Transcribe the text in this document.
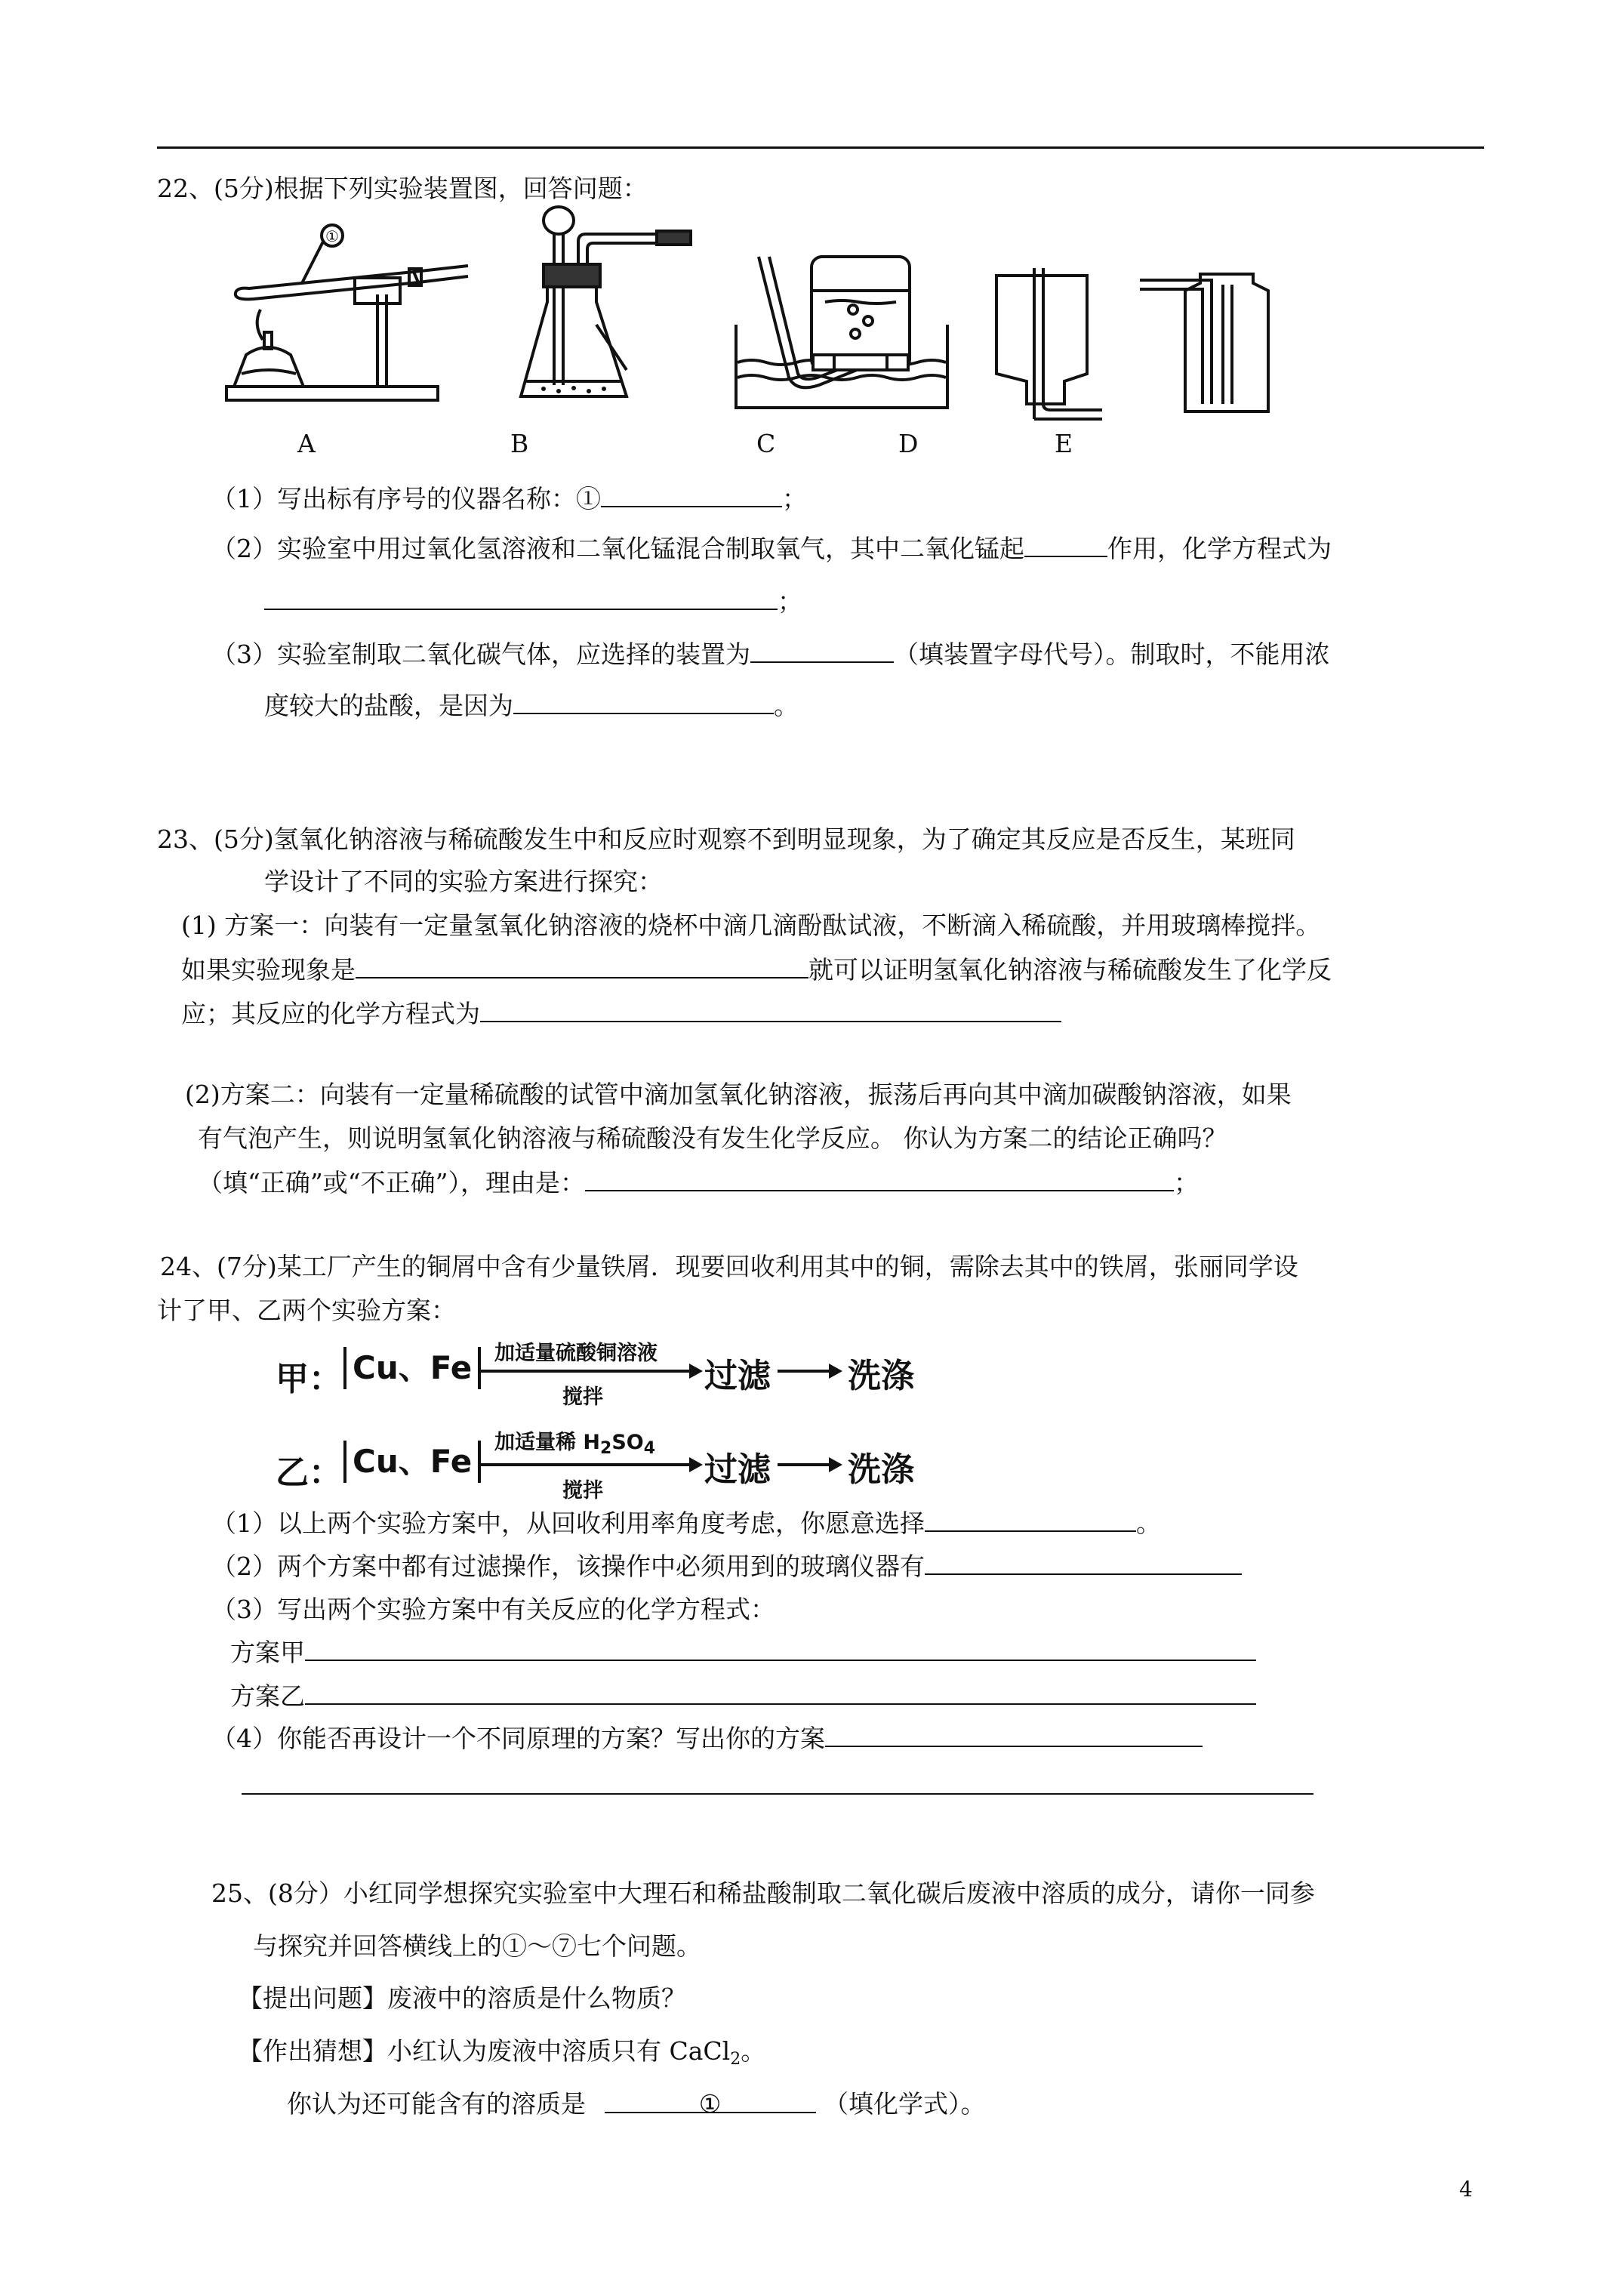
22、(5分)根据下列实验装置图，回答问题：
①
A	B	C	D	E
（1）写出标有序号的仪器名称：①	；
（2）实验室中用过氧化氢溶液和二氧化锰混合制取氧气，其中二氧化锰起	作用，化学方程式为
；
（3）实验室制取二氧化碳气体，应选择的装置为	（填装置字母代号）。制取时，不能用浓
度较大的盐酸，是因为	。
23、(5分)氢氧化钠溶液与稀硫酸发生中和反应时观察不到明显现象，为了确定其反应是否反生，某班同
学设计了不同的实验方案进行探究：
(1) 方案一：向装有一定量氢氧化钠溶液的烧杯中滴几滴酚酞试液，不断滴入稀硫酸，并用玻璃棒搅拌。
如果实验现象是	就可以证明氢氧化钠溶液与稀硫酸发生了化学反
应；其反应的化学方程式为
(2)方案二：向装有一定量稀硫酸的试管中滴加氢氧化钠溶液，振荡后再向其中滴加碳酸钠溶液，如果
有气泡产生，则说明氢氧化钠溶液与稀硫酸没有发生化学反应。 你认为方案二的结论正确吗？
（填“正确”或“不正确”），理由是：	；
24、(7分)某工厂产生的铜屑中含有少量铁屑．现要回收利用其中的铜，需除去其中的铁屑，张丽同学设
计了甲、乙两个实验方案：
甲： Cu、Fe	加适量硫酸铜溶液
搅拌
过滤 洗涤
乙： Cu、Fe
加适量稀 $H_2SO_4$
搅拌
过滤 洗涤
（1）以上两个实验方案中，从回收利用率角度考虑，你愿意选择	。
（2）两个方案中都有过滤操作，该操作中必须用到的玻璃仪器有
（3）写出两个实验方案中有关反应的化学方程式：
方案甲
方案乙
（4）你能否再设计一个不同原理的方案？写出你的方案
25、(8分）小红同学想探究实验室中大理石和稀盐酸制取二氧化碳后废液中溶质的成分，请你一同参
与探究并回答横线上的①～⑦七个问题。
【提出问题】废液中的溶质是什么物质？
【作出猜想】小红认为废液中溶质只有 CaCl$_2$。
你认为还可能含有的溶质是	①	（填化学式）。
4
